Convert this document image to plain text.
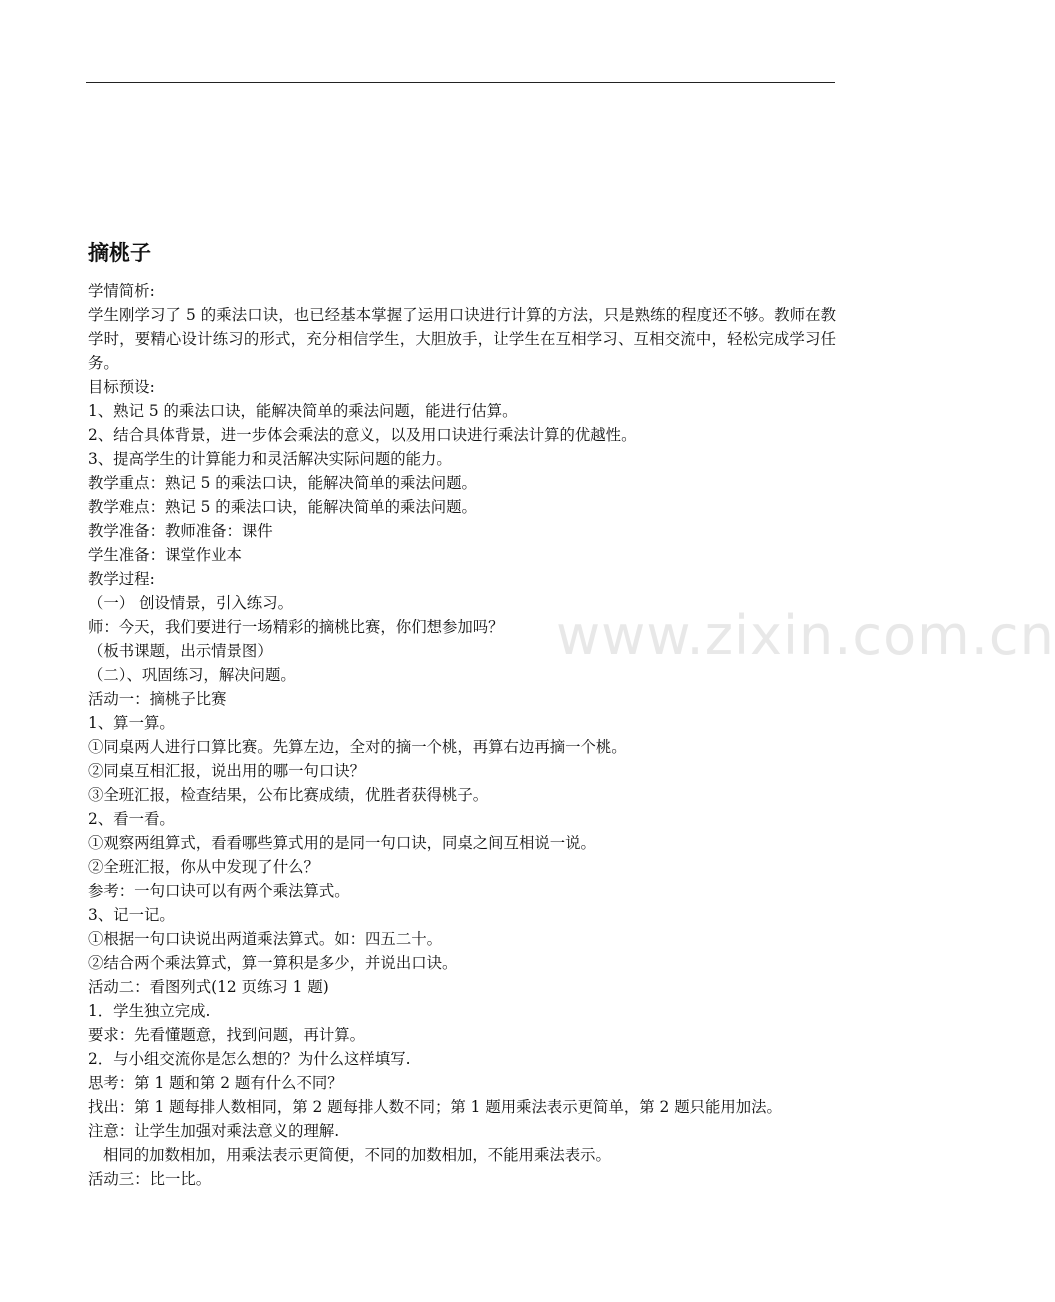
摘桃子
学情简析:
学生刚学习了 5 的乘法口诀，也已经基本掌握了运用口诀进行计算的方法，只是熟练的程度还不够。教师在教学时，要精心设计练习的形式，充分相信学生，大胆放手，让学生在互相学习、互相交流中，轻松完成学习任务。
目标预设:
1、熟记 5 的乘法口诀，能解决简单的乘法问题，能进行估算。
2、结合具体背景，进一步体会乘法的意义，以及用口诀进行乘法计算的优越性。
3、提高学生的计算能力和灵活解决实际问题的能力。
教学重点：熟记 5 的乘法口诀，能解决简单的乘法问题。
教学难点：熟记 5 的乘法口诀，能解决简单的乘法问题。
教学准备：教师准备：课件
学生准备：课堂作业本
教学过程:
（一） 创设情景，引入练习。
师：今天，我们要进行一场精彩的摘桃比赛，你们想参加吗？
（板书课题，出示情景图）
（二）、巩固练习，解决问题。
活动一：摘桃子比赛
1、算一算。
①同桌两人进行口算比赛。先算左边，全对的摘一个桃，再算右边再摘一个桃。
②同桌互相汇报，说出用的哪一句口诀？
③全班汇报，检查结果，公布比赛成绩，优胜者获得桃子。
2、看一看。
①观察两组算式，看看哪些算式用的是同一句口诀，同桌之间互相说一说。
②全班汇报，你从中发现了什么？
参考：一句口诀可以有两个乘法算式。
3、记一记。
①根据一句口诀说出两道乘法算式。如：四五二十。
②结合两个乘法算式，算一算积是多少，并说出口诀。
活动二：看图列式(12 页练习 1 题)
1．学生独立完成.
要求：先看懂题意，找到问题，再计算。
2．与小组交流你是怎么想的？为什么这样填写.
思考：第 1 题和第 2 题有什么不同？
找出：第 1 题每排人数相同，第 2 题每排人数不同；第 1 题用乘法表示更简单，第 2 题只能用加法。
注意：让学生加强对乘法意义的理解.
相同的加数相加，用乘法表示更简便，不同的加数相加，不能用乘法表示。
活动三：比一比。
www.zixin.com.cn
